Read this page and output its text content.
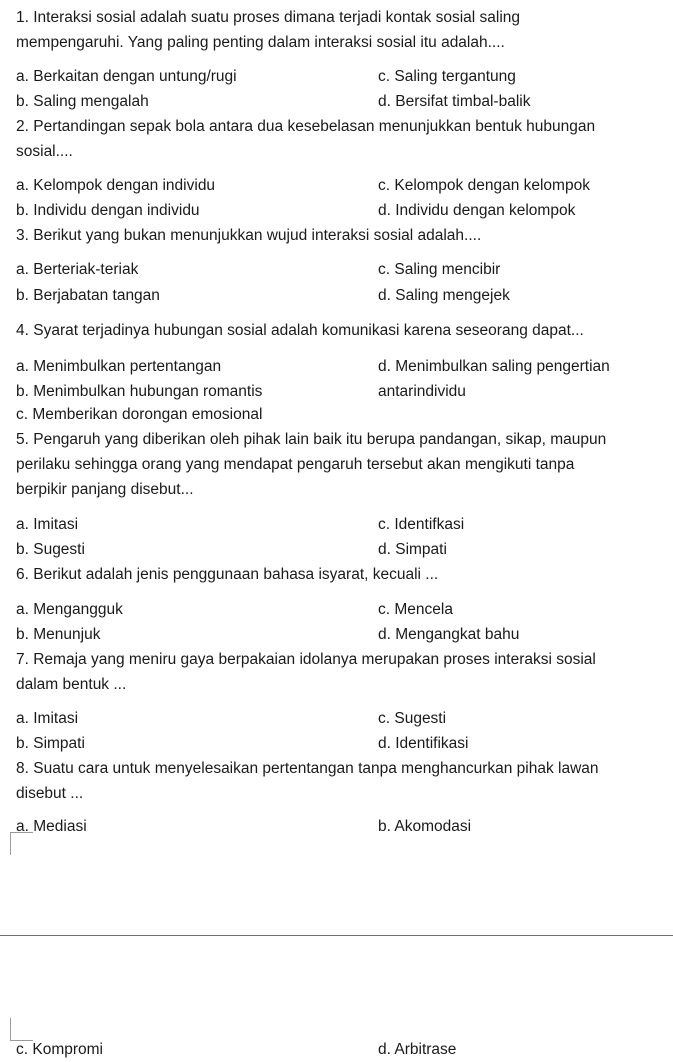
1. Interaksi sosial adalah suatu proses dimana terjadi kontak sosial saling
mempengaruhi. Yang paling penting dalam interaksi sosial itu adalah....
a. Berkaitan dengan untung/rugi	c. Saling tergantung
b. Saling mengalah	d. Bersifat timbal-balik
2. Pertandingan sepak bola antara dua kesebelasan menunjukkan bentuk hubungan
sosial....
a. Kelompok dengan individu	c. Kelompok dengan kelompok
b. Individu dengan individu	d. Individu dengan kelompok
3. Berikut yang bukan menunjukkan wujud interaksi sosial adalah....
a. Berteriak-teriak	c. Saling mencibir
b. Berjabatan tangan	d. Saling mengejek
4. Syarat terjadinya hubungan sosial adalah komunikasi karena seseorang dapat...
a. Menimbulkan pertentangan	d. Menimbulkan saling pengertian
b. Menimbulkan hubungan romantis	antarindividu
c. Memberikan dorongan emosional
5. Pengaruh yang diberikan oleh pihak lain baik itu berupa pandangan, sikap, maupun
perilaku sehingga orang yang mendapat pengaruh tersebut akan mengikuti tanpa
berpikir panjang disebut...
a. Imitasi	c. Identifkasi
b. Sugesti	d. Simpati
6. Berikut adalah jenis penggunaan bahasa isyarat, kecuali ...
a. Mengangguk	c. Mencela
b. Menunjuk	d. Mengangkat bahu
7. Remaja yang meniru gaya berpakaian idolanya merupakan proses interaksi sosial
dalam bentuk ...
a. Imitasi	c. Sugesti
b. Simpati	d. Identifikasi
8. Suatu cara untuk menyelesaikan pertentangan tanpa menghancurkan pihak lawan
disebut ...
a. Mediasi	b. Akomodasi
c. Kompromi	d. Arbitrase
